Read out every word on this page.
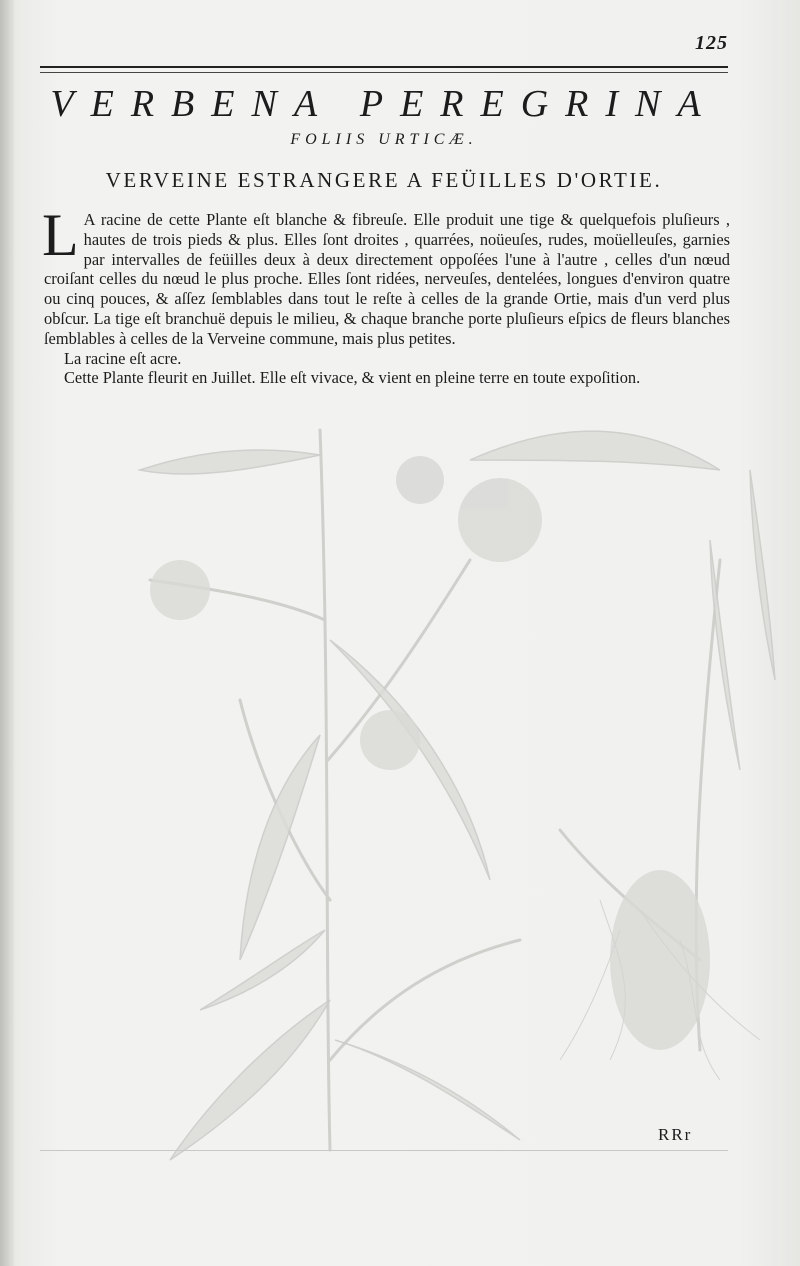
125
VERBENA PEREGRINA
FOLIIS URTICÆ.
VERVEINE ESTRANGERE A FEÜILLES D'ORTIE.

L A racine de cette Plante eſt blanche & fibreuſe. Elle produit une tige & quelquefois pluſieurs , hautes de trois pieds & plus. Elles ſont droites , quarrées, noüeuſes, rudes, moüelleuſes, garnies par intervalles de feüilles deux à deux directement oppoſées l'une à l'autre , celles d'un nœud croiſant celles du nœud le plus proche. Elles ſont ridées, nerveuſes, dentelées, longues d'environ quatre ou cinq pouces, & aſſez ſemblables dans tout le reſte à celles de la grande Ortie, mais d'un verd plus obſcur. La tige eſt branchuë depuis le milieu, & chaque branche porte pluſieurs eſpics de fleurs blanches ſemblables à celles de la Verveine commune, mais plus petites.

La racine eſt acre.

Cette Plante fleurit en Juillet. Elle eſt vivace, & vient en pleine terre en toute expoſition.

RRr
